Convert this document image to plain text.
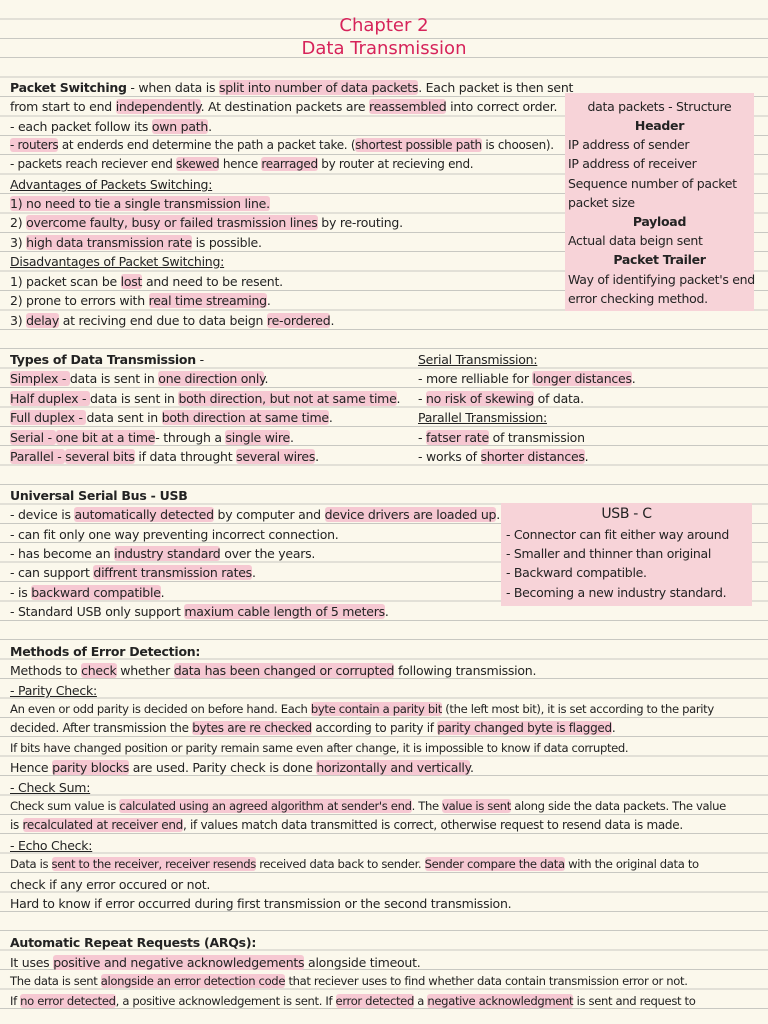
Chapter 2
Data Transmission
data packets - Structure
Header
IP address of sender
IP address of receiver
Sequence number of packet
packet size
Payload
Actual data beign sent
Packet Trailer
Way of identifying packet's end
error checking method.
Packet Switching - when data is split into number of data packets. Each packet is then sent
from start to end independently. At destination packets are reassembled into correct order.
- each packet follow its own path.
- routers at enderds end determine the path a packet take. (shortest possible path is choosen).
- packets reach reciever end skewed hence rearraged by router at recieving end.
Advantages of Packets Switching:
1) no need to tie a single transmission line.
2) overcome faulty, busy or failed trasmission lines by re-routing.
3) high data transmission rate is possible.
Disadvantages of Packet Switching:
1) packet scan be lost and need to be resent.
2) prone to errors with real time streaming.
3) delay at reciving end due to data beign re-ordered.
Types of Data Transmission -
Simplex - data is sent in one direction only.
Half duplex - data is sent in both direction, but not at same time.
Full duplex - data sent in both direction at same time.
Serial - one bit at a time- through a single wire.
Parallel - several bits if data throught several wires.
Serial Transmission:
- more relliable for longer distances.
- no risk of skewing of data.
Parallel Transmission:
- fatser rate of transmission
- works of shorter distances.
USB - C
- Connector can fit either way around
- Smaller and thinner than original
- Backward compatible.
- Becoming a new industry standard.
Universal Serial Bus - USB
- device is automatically detected by computer and device drivers are loaded up.
- can fit only one way preventing incorrect connection.
- has become an industry standard over the years.
- can support diffrent transmission rates.
- is backward compatible.
- Standard USB only support maxium cable length of 5 meters.
Methods of Error Detection:
Methods to check whether data has been changed or corrupted following transmission.
- Parity Check:
An even or odd parity is decided on before hand. Each byte contain a parity bit (the left most bit), it is set according to the parity
decided. After transmission the bytes are re checked according to parity if parity changed byte is flagged.
If bits have changed position or parity remain same even after change, it is impossible to know if data corrupted.
Hence parity blocks are used. Parity check is done horizontally and vertically.
- Check Sum:
Check sum value is calculated using an agreed algorithm at sender's end. The value is sent along side the data packets. The value
is recalculated at receiver end, if values match data transmitted is correct, otherwise request to resend data is made.
- Echo Check:
Data is sent to the receiver, receiver resends received data back to sender. Sender compare the data with the original data to
check if any error occured or not.
Hard to know if error occurred during first transmission or the second transmission.
Automatic Repeat Requests (ARQs):
It uses positive and negative acknowledgements alongside timeout.
The data is sent alongside an error detection code that reciever uses to find whether data contain transmission error or not.
If no error detected, a positive acknowledgement is sent. If error detected a negative acknowledgment is sent and request to
